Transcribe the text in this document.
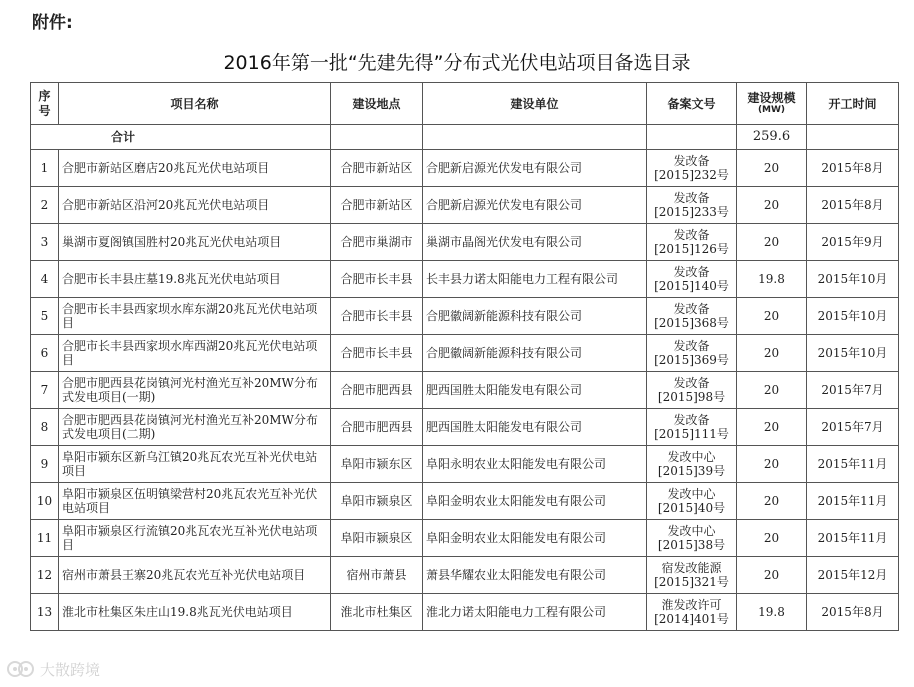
附件:
2016年第一批“先建先得”分布式光伏电站项目备选目录
序号	项目名称	建设地点	建设单位	备案文号	建设规模
(MW)	开工时间
合计					259.6	
1	合肥市新站区磨店20兆瓦光伏电站项目	合肥市新站区	合肥新启源光伏发电有限公司	发改备
[2015]232号	20	2015年8月
2	合肥市新站区沿河20兆瓦光伏电站项目	合肥市新站区	合肥新启源光伏发电有限公司	发改备
[2015]233号	20	2015年8月
3	巢湖市夏阁镇国胜村20兆瓦光伏电站项目	合肥市巢湖市	巢湖市晶阁光伏发电有限公司	发改备
[2015]126号	20	2015年9月
4	合肥市长丰县庄墓19.8兆瓦光伏电站项目	合肥市长丰县	长丰县力诺太阳能电力工程有限公司	发改备
[2015]140号	19.8	2015年10月
5	合肥市长丰县西家坝水库东湖20兆瓦光伏电站项目	合肥市长丰县	合肥徽阔新能源科技有限公司	发改备
[2015]368号	20	2015年10月
6	合肥市长丰县西家坝水库西湖20兆瓦光伏电站项目	合肥市长丰县	合肥徽阔新能源科技有限公司	发改备
[2015]369号	20	2015年10月
7	合肥市肥西县花岗镇河光村渔光互补20MW分布式发电项目(一期)	合肥市肥西县	肥西国胜太阳能发电有限公司	发改备
[2015]98号	20	2015年7月
8	合肥市肥西县花岗镇河光村渔光互补20MW分布式发电项目(二期)	合肥市肥西县	肥西国胜太阳能发电有限公司	发改备
[2015]111号	20	2015年7月
9	阜阳市颍东区新乌江镇20兆瓦农光互补光伏电站项目	阜阳市颍东区	阜阳永明农业太阳能发电有限公司	发改中心
[2015]39号	20	2015年11月
10	阜阳市颍泉区伍明镇梁营村20兆瓦农光互补光伏电站项目	阜阳市颍泉区	阜阳金明农业太阳能发电有限公司	发改中心
[2015]40号	20	2015年11月
11	阜阳市颍泉区行流镇20兆瓦农光互补光伏电站项目	阜阳市颍泉区	阜阳金明农业太阳能发电有限公司	发改中心
[2015]38号	20	2015年11月
12	宿州市萧县王寨20兆瓦农光互补光伏电站项目	宿州市萧县	萧县华耀农业太阳能发电有限公司	宿发改能源
[2015]321号	20	2015年12月
13	淮北市杜集区朱庄山19.8兆瓦光伏电站项目	淮北市杜集区	淮北力诺太阳能电力工程有限公司	淮发改许可
[2014]401号	19.8	2015年8月
大散跨境
